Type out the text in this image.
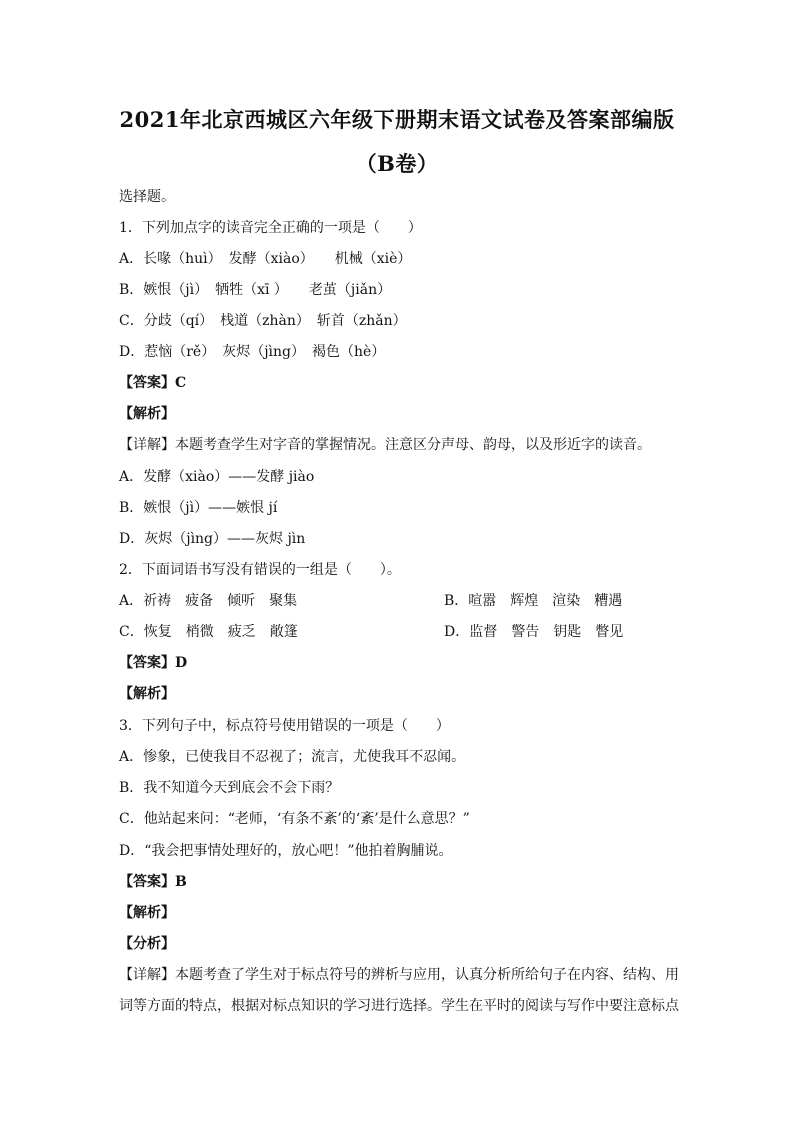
2021年北京西城区六年级下册期末语文试卷及答案部编版
（B卷）
选择题。
1．下列加点字的读音完全正确的一项是（　　）
A．长喙（huì）　发酵（xiào）　　机械（xiè）
B．嫉恨（jì）　牺牲（xī ）　　老茧（jiǎn）
C．分歧（qí）　栈道（zhàn）　斩首（zhǎn）
D．惹恼（rě）　灰烬（jìng）　褐色（hè）
【答案】C
【解析】
【详解】本题考查学生对字音的掌握情况。注意区分声母、韵母，以及形近字的读音。
A．发酵（xiào）——发酵 jiào
B．嫉恨（jì）——嫉恨 jí
D．灰烬（jìng）——灰烬 jìn
2．下面词语书写没有错误的一组是（　　）。
A．祈祷 疲备 倾听 聚集	B．喧嚣 辉煌 渲染 糟遇
C．恢复 梢微 疲乏 敞篷	D．监督 警告 钥匙 瞥见
【答案】D
【解析】
3．下列句子中，标点符号使用错误的一项是（　　）
A．惨象，已使我目不忍视了；流言，尤使我耳不忍闻。
B．我不知道今天到底会不会下雨？
C．他站起来问：“老师，‘有条不紊’的‘紊’是什么意思？”
D．“我会把事情处理好的，放心吧！”他拍着胸脯说。
【答案】B
【解析】
【分析】
【详解】本题考查了学生对于标点符号的辨析与应用，认真分析所给句子在内容、结构、用
词等方面的特点，根据对标点知识的学习进行选择。学生在平时的阅读与写作中要注意标点
